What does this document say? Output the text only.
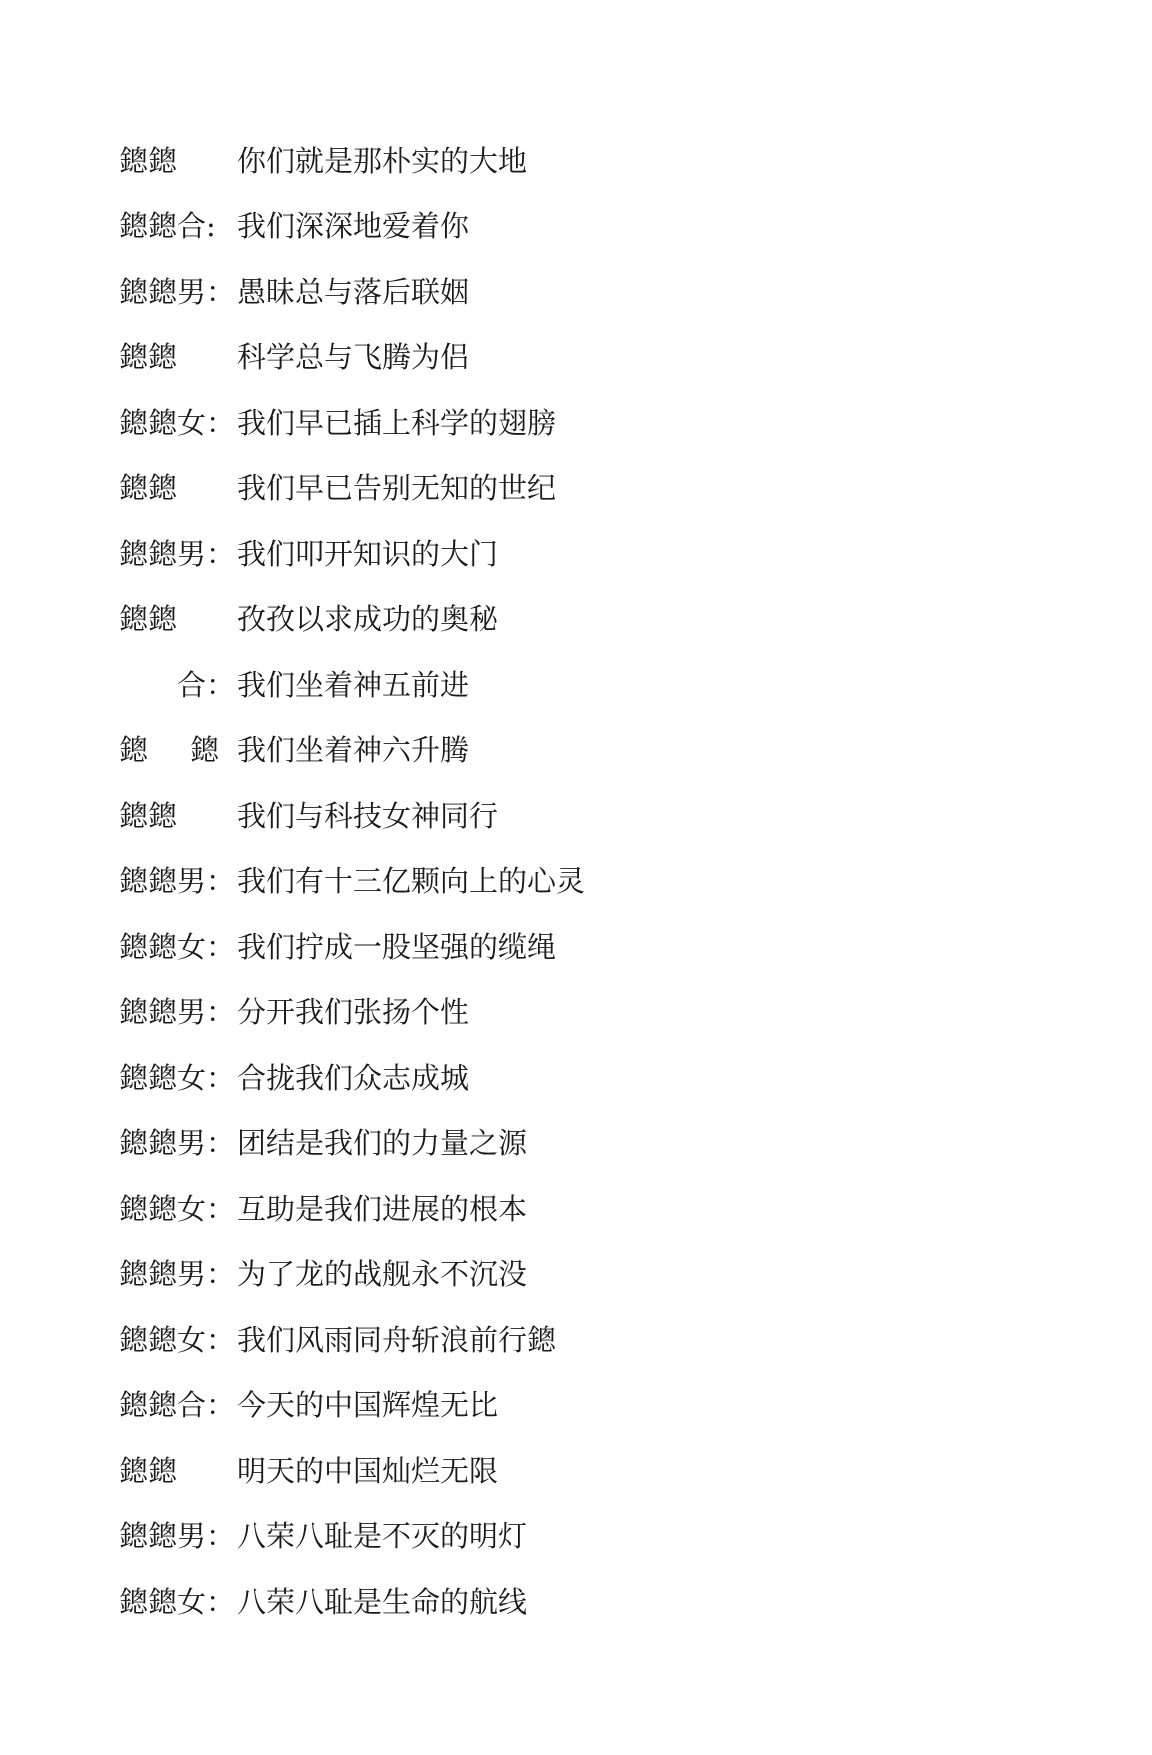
鏓鏓	你们就是那朴实的大地
鏓鏓合: 我们深深地爱着你
鏓鏓男： 愚昧总与落后联姻
鏓鏓	科学总与飞腾为侣
鏓鏓女： 我们早已插上科学的翅膀
鏓鏓	我们早已告别无知的世纪
鏓鏓男： 我们叩开知识的大门
鏓鏓	孜孜以求成功的奥秘
合： 我们坐着神五前进
鏓 鏓 我们坐着神六升腾
鏓鏓	我们与科技女神同行
鏓鏓男： 我们有十三亿颗向上的心灵
鏓鏓女： 我们拧成一股坚强的缆绳
鏓鏓男： 分开我们张扬个性
鏓鏓女： 合拢我们众志成城
鏓鏓男： 团结是我们的力量之源
鏓鏓女： 互助是我们进展的根本
鏓鏓男： 为了龙的战舰永不沉没
鏓鏓女： 我们风雨同舟斩浪前行鏓
鏓鏓合： 今天的中国辉煌无比
鏓鏓	明天的中国灿烂无限
鏓鏓男： 八荣八耻是不灭的明灯
鏓鏓女： 八荣八耻是生命的航线
